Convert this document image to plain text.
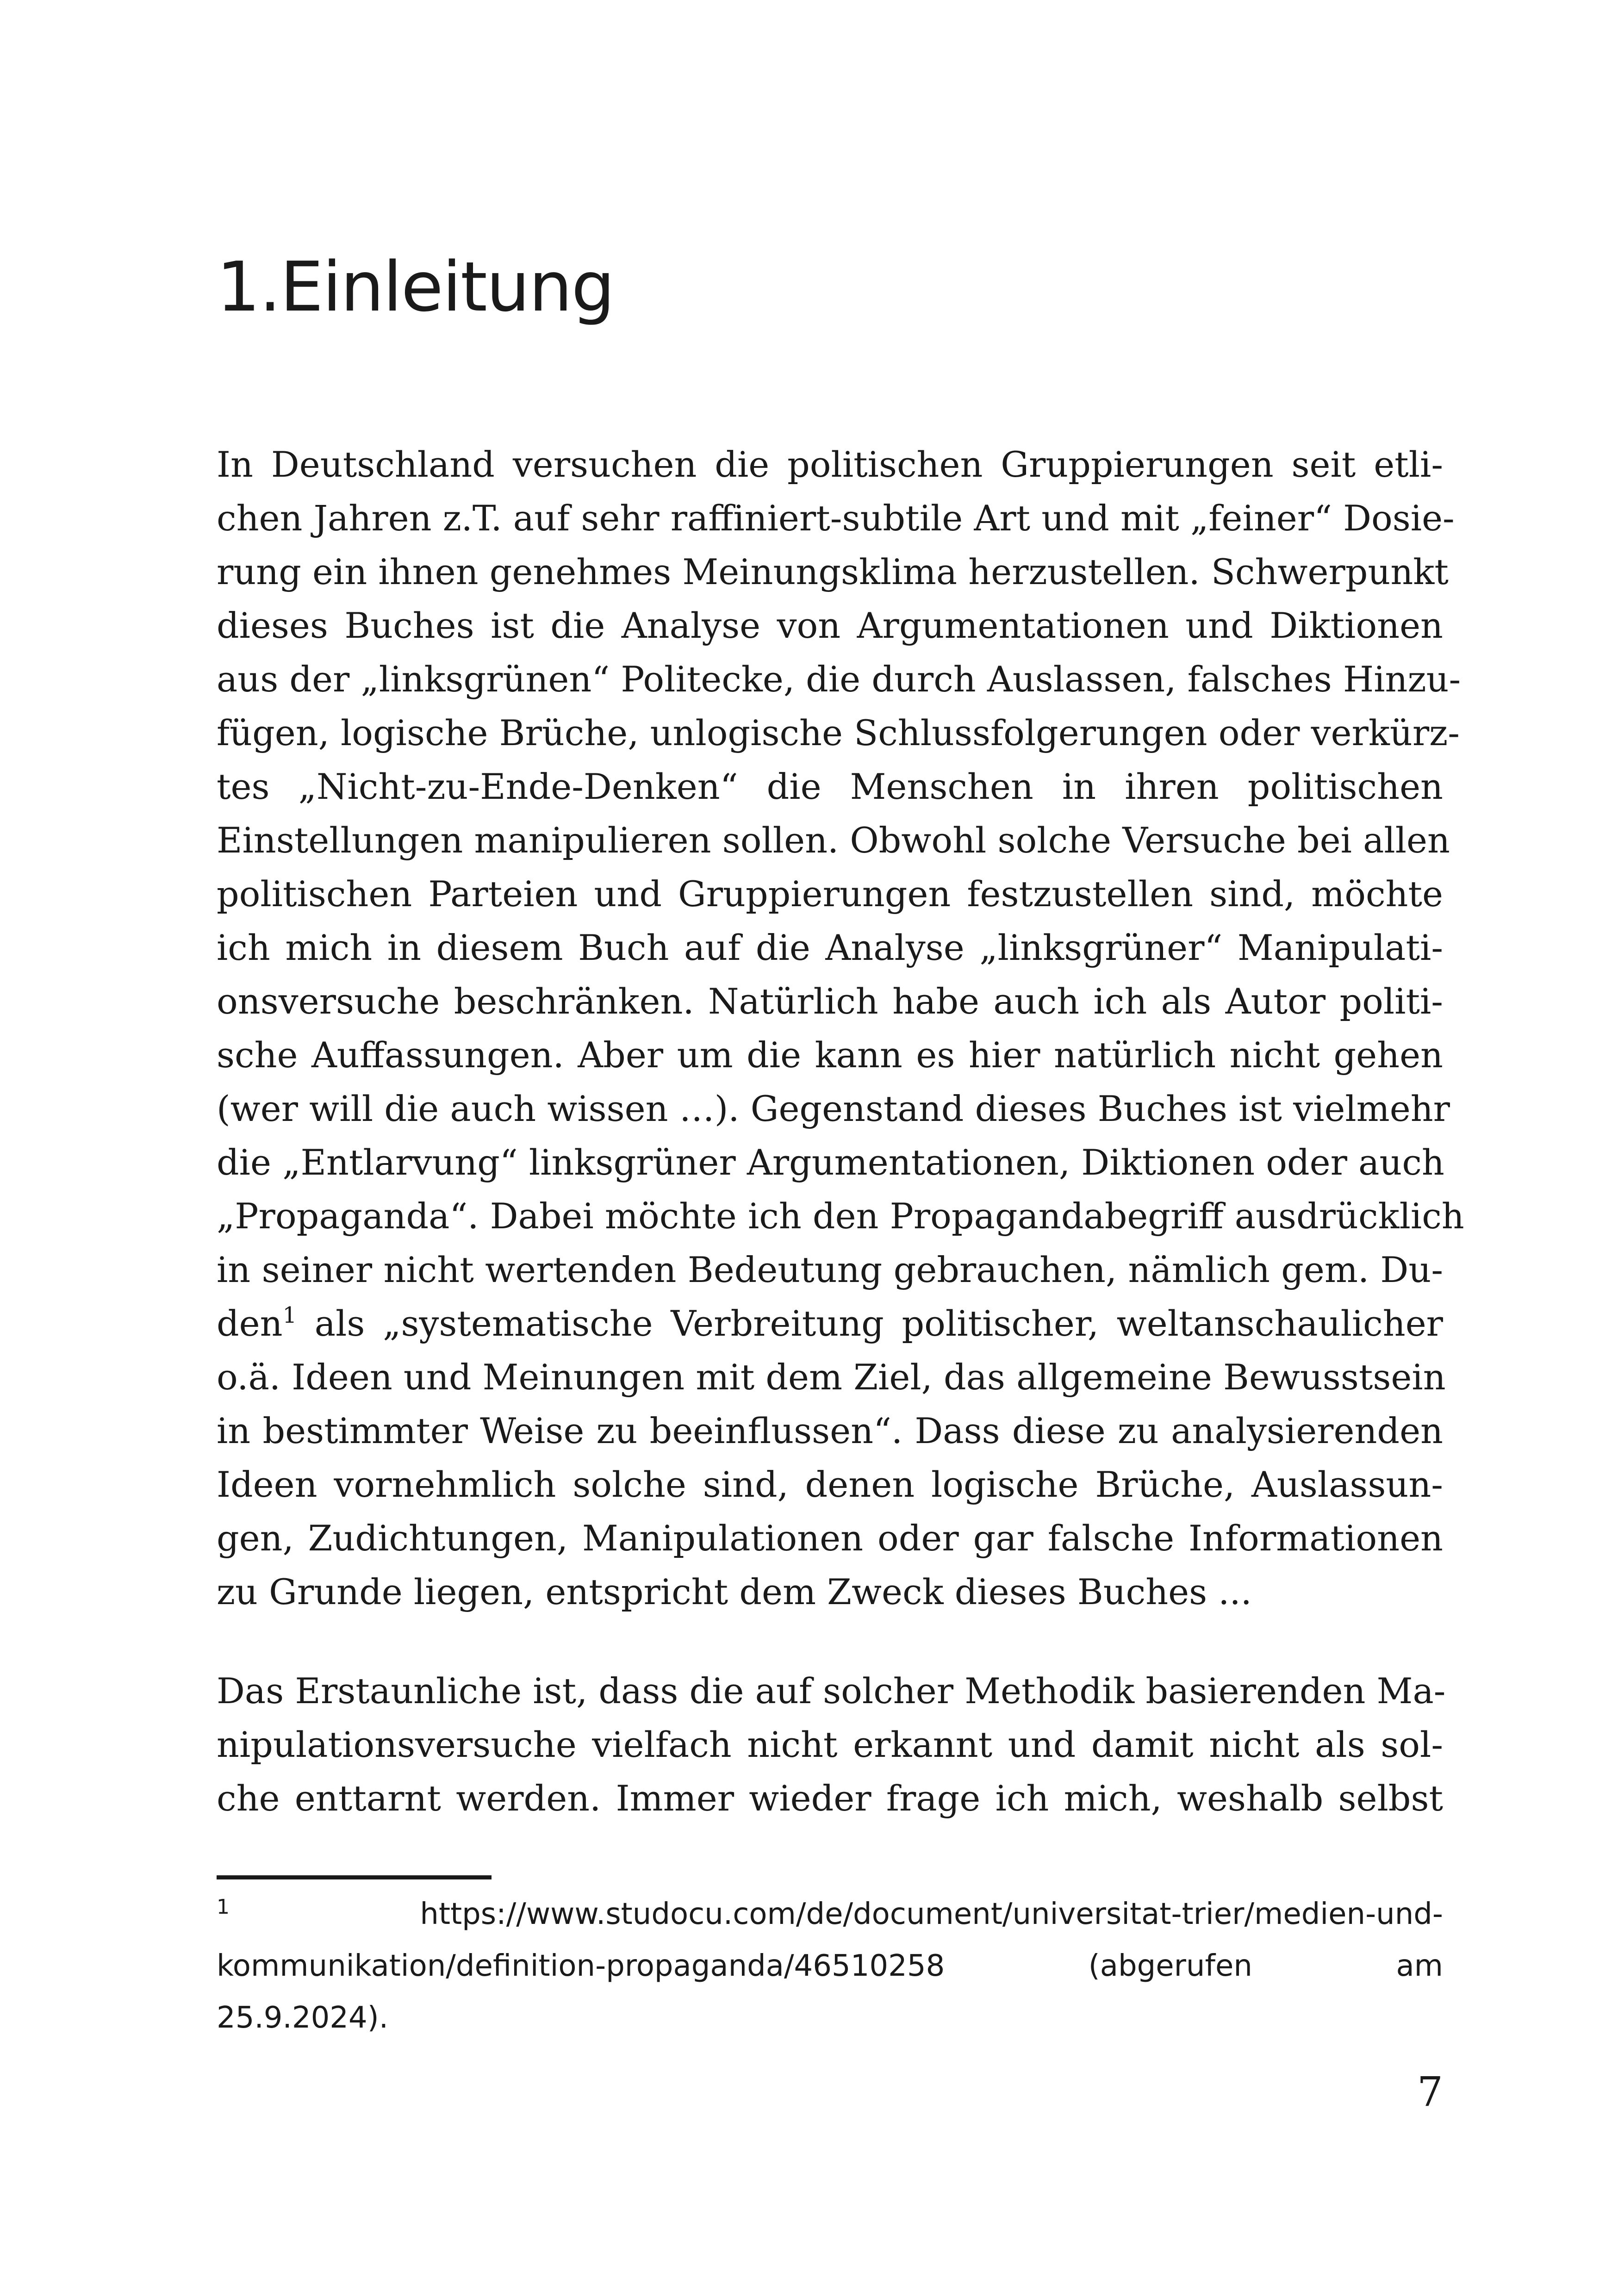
1.Einleitung
In Deutschland versuchen die politischen Gruppierungen seit etli-
chen Jahren z.T. auf sehr raffiniert-subtile Art und mit „feiner“ Dosie-
rung ein ihnen genehmes Meinungsklima herzustellen. Schwerpunkt
dieses Buches ist die Analyse von Argumentationen und Diktionen
aus der „linksgrünen“ Politecke, die durch Auslassen, falsches Hinzu-
fügen, logische Brüche, unlogische Schlussfolgerungen oder verkürz-
tes „Nicht-zu-Ende-Denken“ die Menschen in ihren politischen
Einstellungen manipulieren sollen. Obwohl solche Versuche bei allen
politischen Parteien und Gruppierungen festzustellen sind, möchte
ich mich in diesem Buch auf die Analyse „linksgrüner“ Manipulati-
onsversuche beschränken. Natürlich habe auch ich als Autor politi-
sche Auffassungen. Aber um die kann es hier natürlich nicht gehen
(wer will die auch wissen …). Gegenstand dieses Buches ist vielmehr
die „Entlarvung“ linksgrüner Argumentationen, Diktionen oder auch
„Propaganda“. Dabei möchte ich den Propagandabegriff ausdrücklich
in seiner nicht wertenden Bedeutung gebrauchen, nämlich gem. Du-
den$^1$ als „systematische Verbreitung politischer, weltanschaulicher
o.ä. Ideen und Meinungen mit dem Ziel, das allgemeine Bewusstsein
in bestimmter Weise zu beeinflussen“. Dass diese zu analysierenden
Ideen vornehmlich solche sind, denen logische Brüche, Auslassun-
gen, Zudichtungen, Manipulationen oder gar falsche Informationen
zu Grunde liegen, entspricht dem Zweck dieses Buches ...
Das Erstaunliche ist, dass die auf solcher Methodik basierenden Ma-
nipulationsversuche vielfach nicht erkannt und damit nicht als sol-
che enttarnt werden. Immer wieder frage ich mich, weshalb selbst
$^1$ https://www.studocu.com/de/document/universitat-trier/medien-und-
kommunikation/definition-propaganda/46510258 (abgerufen am
25.9.2024).
7
